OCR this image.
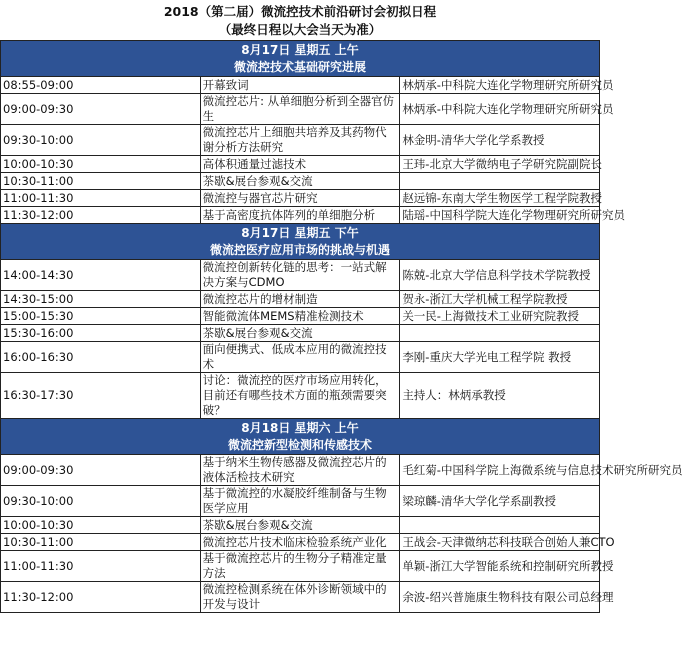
2018（第二届）微流控技术前沿研讨会初拟日程
（最终日程以大会当天为准）
8月17日 星期五 上午
微流控技术基础研究进展		

08:55-09:00	开幕致词	林炳承-中科院大连化学物理研究所研究员
09:00-09:30	微流控芯片: 从单细胞分析到全器官仿生	林炳承-中科院大连化学物理研究所研究员
09:30-10:00	微流控芯片上细胞共培养及其药物代谢分析方法研究	林金明-清华大学化学系教授
10:00-10:30	高体积通量过滤技术	王玮-北京大学微纳电子学研究院副院长
10:30-11:00	茶歇&展台参观&交流	
11:00-11:30	微流控与器官芯片研究	赵远锦-东南大学生物医学工程学院教授
11:30-12:00	基于高密度抗体阵列的单细胞分析	陆瑶-中国科学院大连化学物理研究所研究员

8月17日 星期五 下午
微流控医疗应用市场的挑战与机遇		

14:00-14:30	微流控创新转化链的思考：一站式解决方案与CDMO	陈兢-北京大学信息科学技术学院教授
14:30-15:00	微流控芯片的增材制造	贺永-浙江大学机械工程学院教授
15:00-15:30	智能微流体MEMS精准检测技术	关一民-上海微技术工业研究院教授
15:30-16:00	茶歇&展台参观&交流	
16:00-16:30	面向便携式、低成本应用的微流控技术	李刚-重庆大学光电工程学院 教授
16:30-17:30	讨论：微流控的医疗市场应用转化，目前还有哪些技术方面的瓶颈需要突破？	主持人：林炳承教授

8月18日 星期六 上午
微流控新型检测和传感技术		

09:00-09:30	基于纳米生物传感器及微流控芯片的液体活检技术研究	毛红菊-中国科学院上海微系统与信息技术研究所研究员
09:30-10:00	基于微流控的水凝胶纤维制备与生物医学应用	梁琼麟-清华大学化学系副教授
10:00-10:30	茶歇&展台参观&交流	
10:30-11:00	微流控芯片技术临床检验系统产业化	王战会-天津微纳芯科技联合创始人兼CTO
11:00-11:30	基于微流控芯片的生物分子精准定量方法	单颖-浙江大学智能系统和控制研究所教授
11:30-12:00	微流控检测系统在体外诊断领域中的开发与设计	余波-绍兴普施康生物科技有限公司总经理
